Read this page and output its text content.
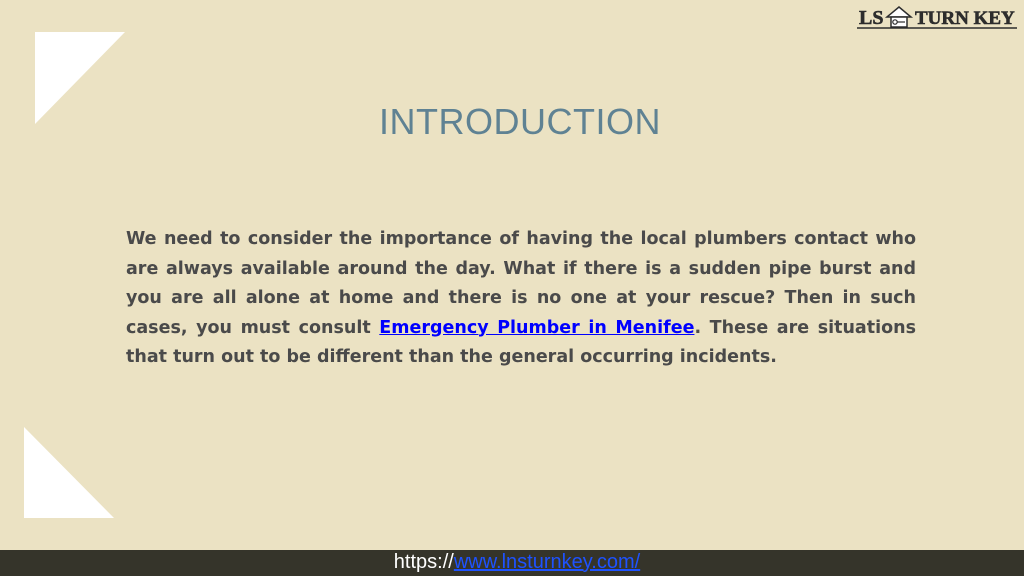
LS TURN KEY
INTRODUCTION

We need to consider the importance of having the local plumbers contact who are always available around the day. What if there is a sudden pipe burst and you are all alone at home and there is no one at your rescue? Then in such cases, you must consult Emergency Plumber in Menifee. These are situations that turn out to be different than the general occurring incidents.

https://www.lnsturnkey.com/
